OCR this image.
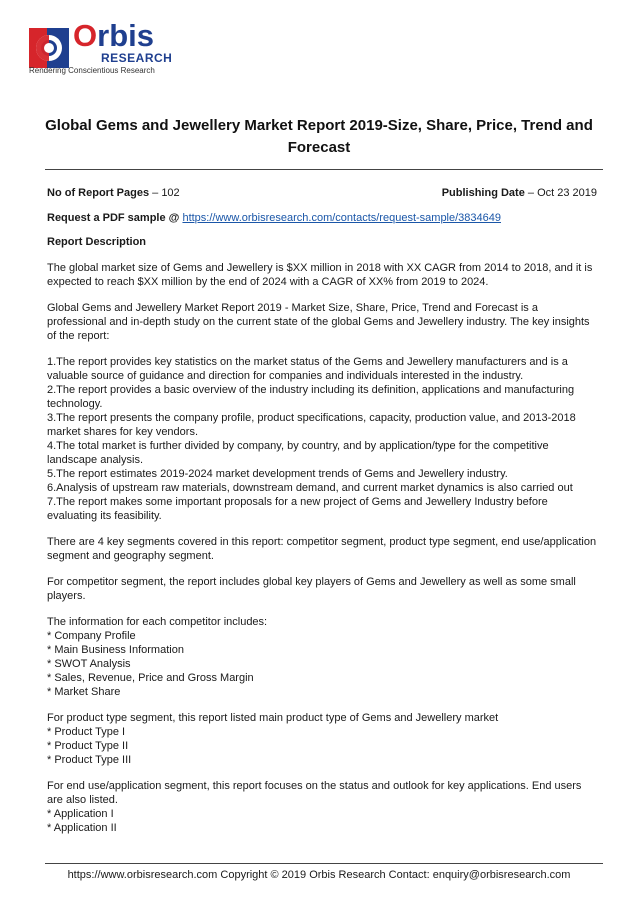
Orbis
RESEARCH
Rendering Conscientious Research
Global Gems and Jewellery Market Report 2019-Size, Share, Price, Trend and Forecast
No of Report Pages – 102	Publishing Date – Oct 23 2019
Request a PDF sample @ https://www.orbisresearch.com/contacts/request-sample/3834649

Report Description

The global market size of Gems and Jewellery is $XX million in 2018 with XX CAGR from 2014 to 2018, and it is expected to reach $XX million by the end of 2024 with a CAGR of XX% from 2019 to 2024.

Global Gems and Jewellery Market Report 2019 - Market Size, Share, Price, Trend and Forecast is a professional and in-depth study on the current state of the global Gems and Jewellery industry. The key insights of the report:

1.The report provides key statistics on the market status of the Gems and Jewellery manufacturers and is a valuable source of guidance and direction for companies and individuals interested in the industry.
2.The report provides a basic overview of the industry including its definition, applications and manufacturing technology.
3.The report presents the company profile, product specifications, capacity, production value, and 2013-2018 market shares for key vendors.
4.The total market is further divided by company, by country, and by application/type for the competitive landscape analysis.
5.The report estimates 2019-2024 market development trends of Gems and Jewellery industry.
6.Analysis of upstream raw materials, downstream demand, and current market dynamics is also carried out
7.The report makes some important proposals for a new project of Gems and Jewellery Industry before evaluating its feasibility.

There are 4 key segments covered in this report: competitor segment, product type segment, end use/application segment and geography segment.

For competitor segment, the report includes global key players of Gems and Jewellery as well as some small players.

The information for each competitor includes:
* Company Profile
* Main Business Information
* SWOT Analysis
* Sales, Revenue, Price and Gross Margin
* Market Share

For product type segment, this report listed main product type of Gems and Jewellery market
* Product Type I
* Product Type II
* Product Type III

For end use/application segment, this report focuses on the status and outlook for key applications. End users are also listed.
* Application I
* Application II

https://www.orbisresearch.com Copyright © 2019 Orbis Research Contact: enquiry@orbisresearch.com
